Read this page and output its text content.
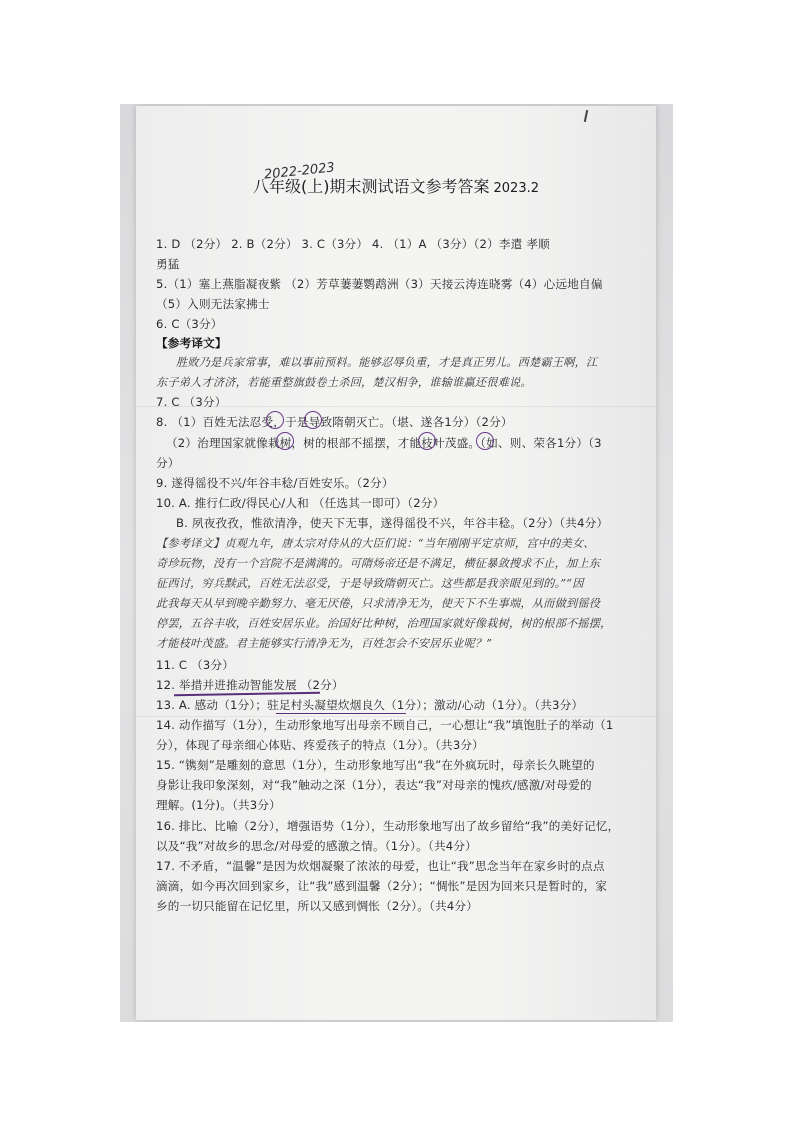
2022-2023
八年级(上)期末测试语文参考答案 2023.2
1. D （2分） 2. B（2分） 3. C（3分） 4. （1）A （3分）（2）李遣 孝顺
勇猛
5.（1）塞上燕脂凝夜紫 （2）芳草萋萋鹦鹉洲（3）天接云涛连晓雾（4）心远地自偏
（5）入则无法家拂士
6. C（3分）
【参考译文】
胜败乃是兵家常事，难以事前预料。能够忍辱负重，才是真正男儿。西楚霸王啊，江
东子弟人才济济，若能重整旗鼓卷土杀回，楚汉相争，谁输谁赢还很难说。
7. C （3分）
8. （1）百姓无法忍受，于是导致隋朝灭亡。（堪、遂各1分）（2分）
（2）治理国家就像栽树，树的根部不摇摆，才能枝叶茂盛。（如、则、荣各1分）（3
分）
9. 遂得徭役不兴/年谷丰稔/百姓安乐。（2分）
10. A. 推行仁政/得民心/人和 （任选其一即可）（2分）
B. 夙夜孜孜，惟欲清净，使天下无事，遂得徭役不兴，年谷丰稔。（2分）（共4分）
【参考译文】贞观九年，唐太宗对侍从的大臣们说：“当年刚刚平定京师，宫中的美女、
奇珍玩物，没有一个宫院不是满满的。可隋炀帝还是不满足，横征暴敛搜求不止，加上东
征西讨，穷兵黩武，百姓无法忍受，于是导致隋朝灭亡。这些都是我亲眼见到的。”“因
此我每天从早到晚辛勤努力、毫无厌倦，只求清净无为，使天下不生事端，从而做到徭役
停罢，五谷丰收，百姓安居乐业。治国好比种树，治理国家就好像栽树，树的根部不摇摆，
才能枝叶茂盛。君主能够实行清净无为，百姓怎会不安居乐业呢？”
11. C （3分）
12. 举措并进推动智能发展 （2分）
13. A. 感动（1分）；驻足村头凝望炊烟良久（1分）；激动/心动（1分）。（共3分）
14. 动作描写（1分），生动形象地写出母亲不顾自己，一心想让“我”填饱肚子的举动（1
分），体现了母亲细心体贴、疼爱孩子的特点（1分）。（共3分）
15. “镌刻”是雕刻的意思（1分），生动形象地写出“我”在外疯玩时，母亲长久眺望的
身影让我印象深刻，对“我”触动之深（1分），表达“我”对母亲的愧疚/感激/对母爱的
理解。(1分)。（共3分）
16. 排比、比喻（2分），增强语势（1分），生动形象地写出了故乡留给“我”的美好记忆，
以及“我”对故乡的思念/对母爱的感激之情。（1分）。（共4分）
17. 不矛盾，“温馨”是因为炊烟凝聚了浓浓的母爱，也让“我”思念当年在家乡时的点点
滴滴，如今再次回到家乡，让“我”感到温馨（2分）；“惆怅”是因为回来只是暂时的，家
乡的一切只能留在记忆里，所以又感到惆怅（2分）。（共4分）
